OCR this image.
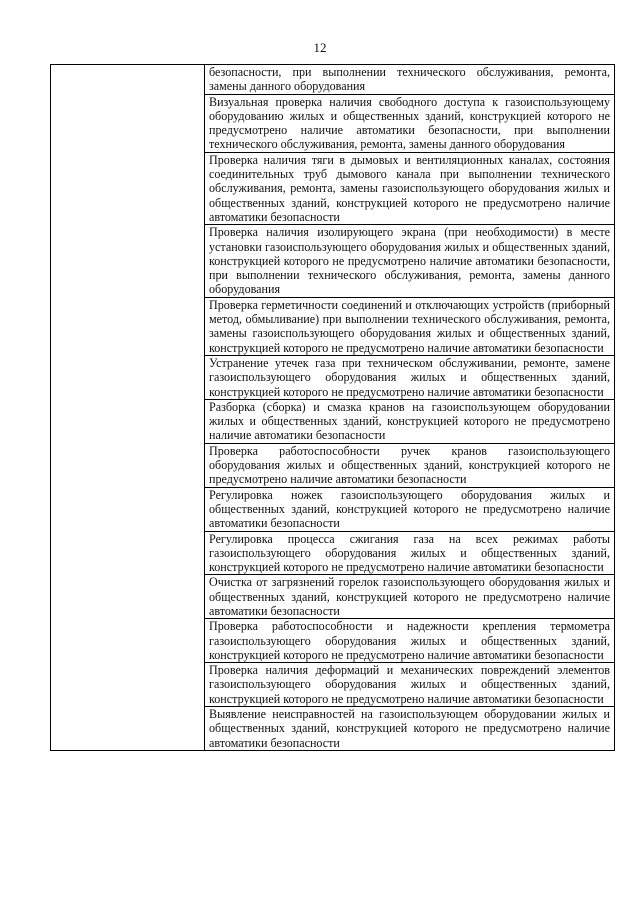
12
	безопасности, при выполнении технического обслуживания, ремонта, замены данного оборудования
Визуальная проверка наличия свободного доступа к газоиспользующему оборудованию жилых и общественных зданий, конструкцией которого не предусмотрено наличие автоматики безопасности, при выполнении технического обслуживания, ремонта, замены данного оборудования
Проверка наличия тяги в дымовых и вентиляционных каналах, состояния соединительных труб дымового канала при выполнении технического обслуживания, ремонта, замены газоиспользующего оборудования жилых и общественных зданий, конструкцией которого не предусмотрено наличие автоматики безопасности
Проверка наличия изолирующего экрана (при необходимости) в месте установки газоиспользующего оборудования жилых и общественных зданий, конструкцией которого не предусмотрено наличие автоматики безопасности, при выполнении технического обслуживания, ремонта, замены данного оборудования
Проверка герметичности соединений и отключающих устройств (приборный метод, обмыливание) при выполнении технического обслуживания, ремонта, замены газоиспользующего оборудования жилых и общественных зданий, конструкцией которого не предусмотрено наличие автоматики безопасности
Устранение утечек газа при техническом обслуживании, ремонте, замене газоиспользующего оборудования жилых и общественных зданий, конструкцией которого не предусмотрено наличие автоматики безопасности
Разборка (сборка) и смазка кранов на газоиспользующем оборудовании жилых и общественных зданий, конструкцией которого не предусмотрено наличие автоматики безопасности
Проверка работоспособности ручек кранов газоиспользующего оборудования жилых и общественных зданий, конструкцией которого не предусмотрено наличие автоматики безопасности
Регулировка ножек газоиспользующего оборудования жилых и общественных зданий, конструкцией которого не предусмотрено наличие автоматики безопасности
Регулировка процесса сжигания газа на всех режимах работы газоиспользующего оборудования жилых и общественных зданий, конструкцией которого не предусмотрено наличие автоматики безопасности
Очистка от загрязнений горелок газоиспользующего оборудования жилых и общественных зданий, конструкцией которого не предусмотрено наличие автоматики безопасности
Проверка работоспособности и надежности крепления термометра газоиспользующего оборудования жилых и общественных зданий, конструкцией которого не предусмотрено наличие автоматики безопасности
Проверка наличия деформаций и механических повреждений элементов газоиспользующего оборудования жилых и общественных зданий, конструкцией которого не предусмотрено наличие автоматики безопасности
Выявление неисправностей на газоиспользующем оборудовании жилых и общественных зданий, конструкцией которого не предусмотрено наличие автоматики безопасности
